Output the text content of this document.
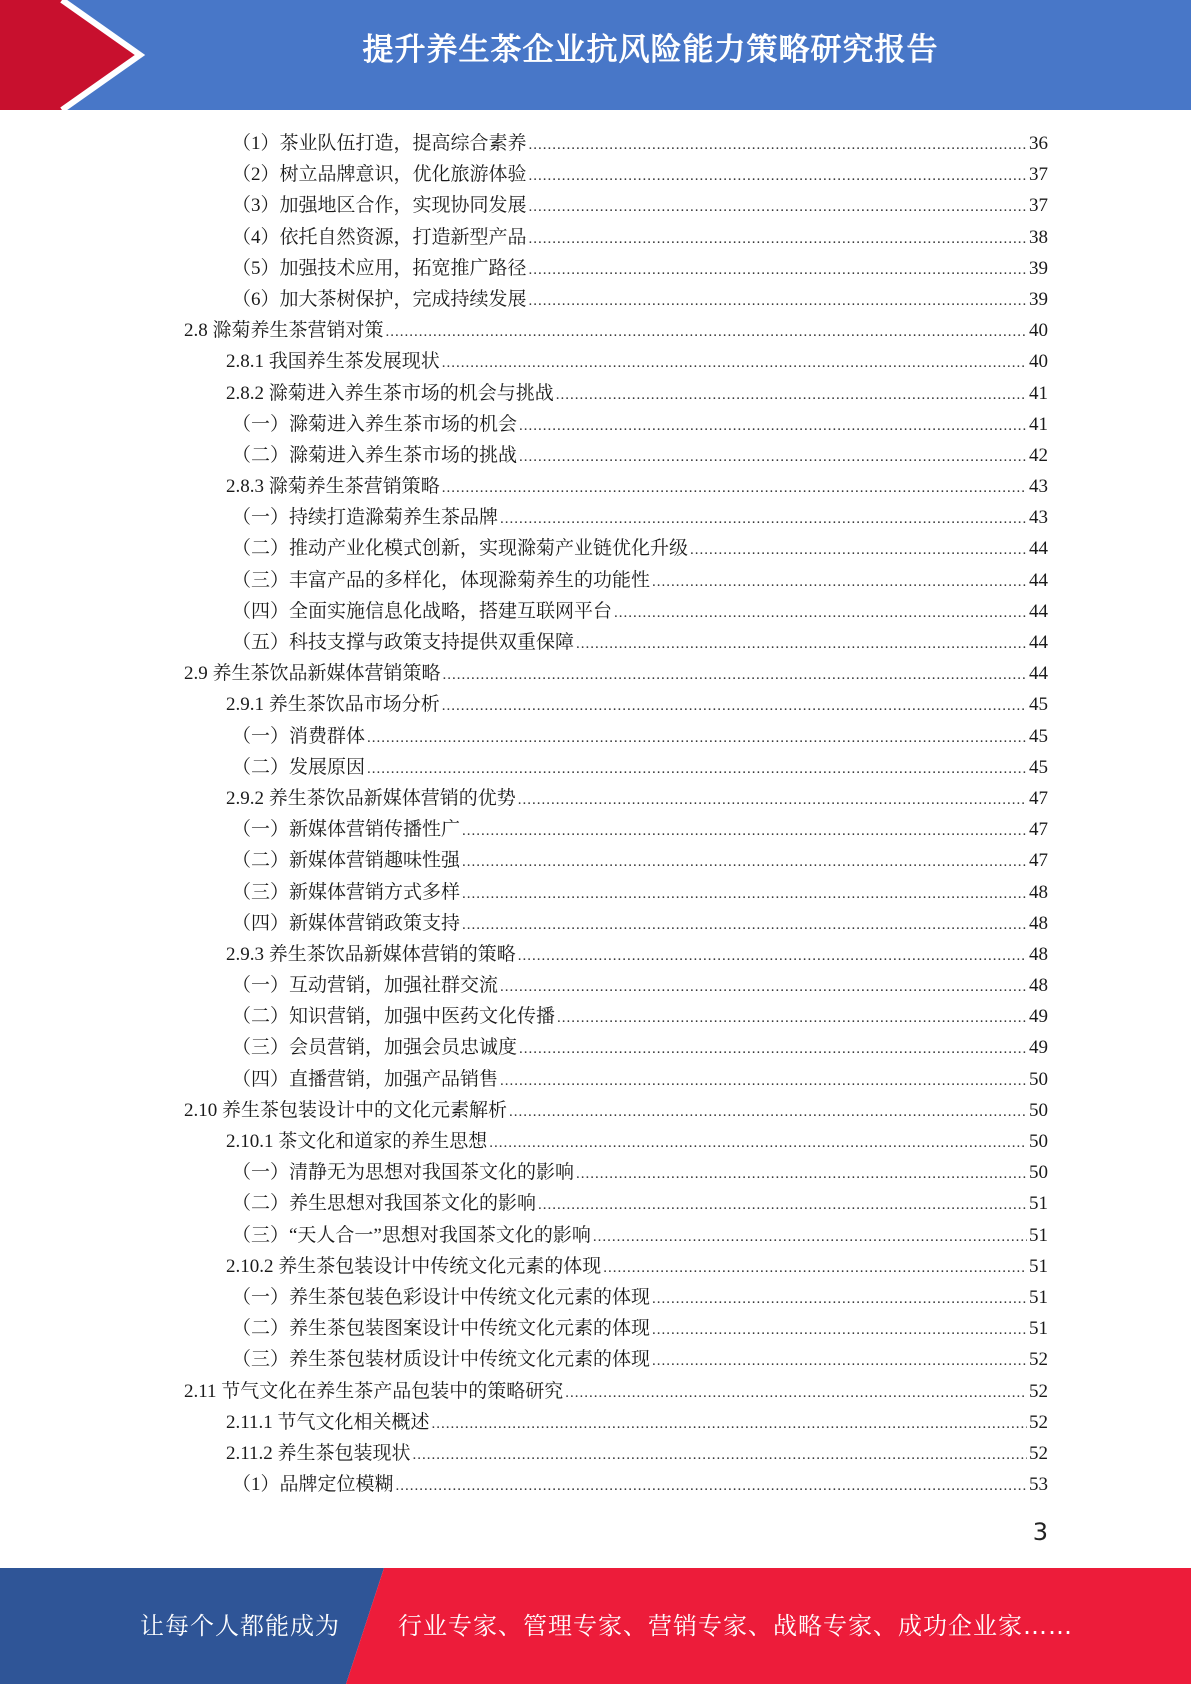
提升养生茶企业抗风险能力策略研究报告
（1）茶业队伍打造，提高综合素养 .....	36
（2）树立品牌意识，优化旅游体验 .....	37
（3）加强地区合作，实现协同发展 .....	37
（4）依托自然资源，打造新型产品 .....	38
（5）加强技术应用，拓宽推广路径 .....	39
（6）加大茶树保护，完成持续发展 .....	39
2.8 滁菊养生茶营销对策 .....	40
2.8.1 我国养生茶发展现状 .....	40
2.8.2 滁菊进入养生茶市场的机会与挑战 .....	41
（一）滁菊进入养生茶市场的机会 .....	41
（二）滁菊进入养生茶市场的挑战 .....	42
2.8.3 滁菊养生茶营销策略 .....	43
（一）持续打造滁菊养生茶品牌 .....	43
（二）推动产业化模式创新，实现滁菊产业链优化升级 .....	44
（三）丰富产品的多样化，体现滁菊养生的功能性 .....	44
（四）全面实施信息化战略，搭建互联网平台 .....	44
（五）科技支撑与政策支持提供双重保障 .....	44
2.9 养生茶饮品新媒体营销策略 .....	44
2.9.1 养生茶饮品市场分析 .....	45
（一）消费群体 .....	45
（二）发展原因 .....	45
2.9.2 养生茶饮品新媒体营销的优势 .....	47
（一）新媒体营销传播性广 .....	47
（二）新媒体营销趣味性强 .....	47
（三）新媒体营销方式多样 .....	48
（四）新媒体营销政策支持 .....	48
2.9.3 养生茶饮品新媒体营销的策略 .....	48
（一）互动营销，加强社群交流 .....	48
（二）知识营销，加强中医药文化传播 .....	49
（三）会员营销，加强会员忠诚度 .....	49
（四）直播营销，加强产品销售 .....	50
2.10 养生茶包装设计中的文化元素解析 .....	50
2.10.1 茶文化和道家的养生思想 .....	50
（一）清静无为思想对我国茶文化的影响 .....	50
（二）养生思想对我国茶文化的影响 .....	51
（三）“天人合一”思想对我国茶文化的影响 .....	51
2.10.2 养生茶包装设计中传统文化元素的体现 .....	51
（一）养生茶包装色彩设计中传统文化元素的体现 .....	51
（二）养生茶包装图案设计中传统文化元素的体现 .....	51
（三）养生茶包装材质设计中传统文化元素的体现 .....	52
2.11 节气文化在养生茶产品包装中的策略研究 .....	52
2.11.1 节气文化相关概述 .....	52
2.11.2 养生茶包装现状 .....	52
（1）品牌定位模糊 .....	53
3
让每个人都能成为 行业专家、管理专家、营销专家、战略专家、成功企业家……
